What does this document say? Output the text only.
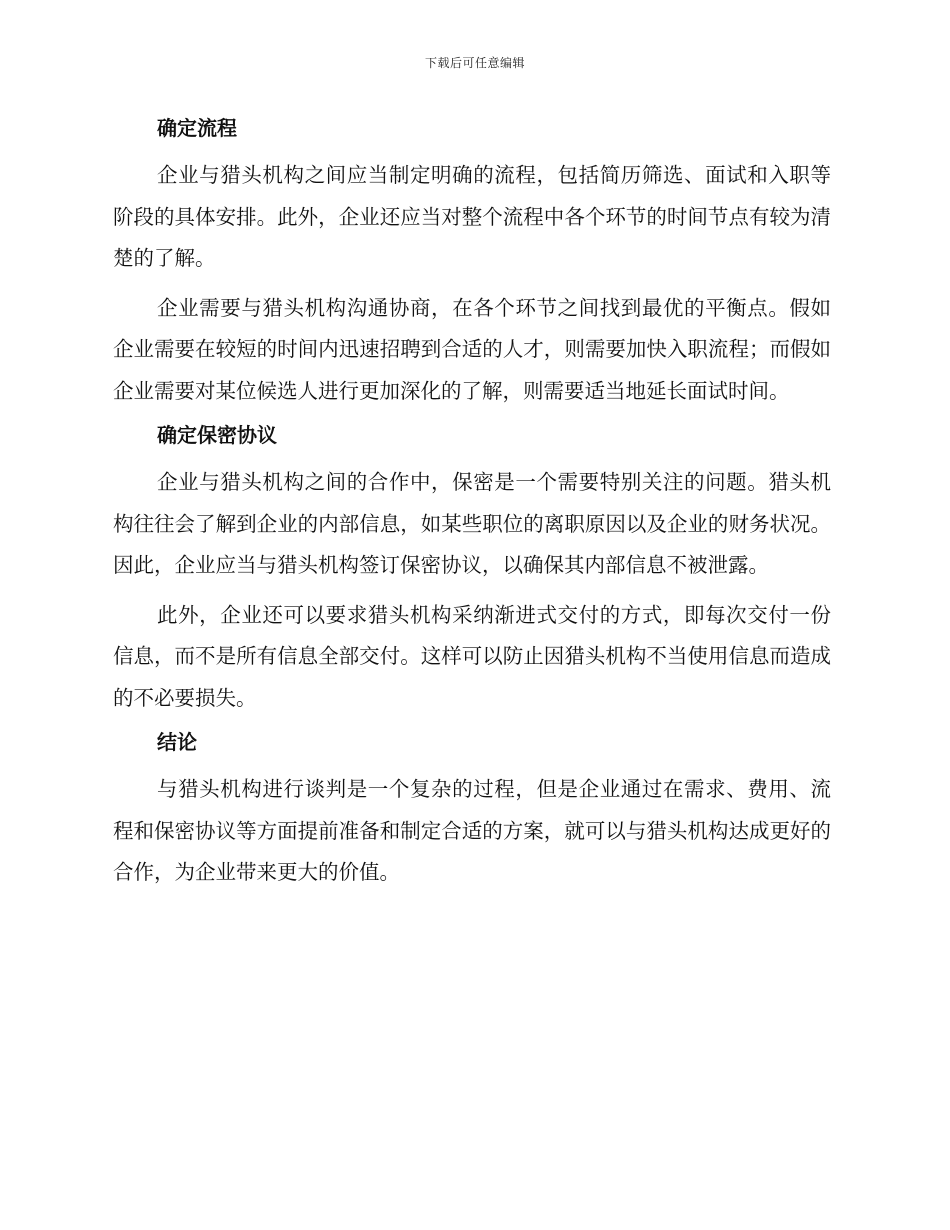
下载后可任意编辑
确定流程

企业与猎头机构之间应当制定明确的流程，包括简历筛选、面试和入职等阶段的具体安排。此外，企业还应当对整个流程中各个环节的时间节点有较为清楚的了解。

企业需要与猎头机构沟通协商，在各个环节之间找到最优的平衡点。假如企业需要在较短的时间内迅速招聘到合适的人才，则需要加快入职流程；而假如企业需要对某位候选人进行更加深化的了解，则需要适当地延长面试时间。

确定保密协议

企业与猎头机构之间的合作中，保密是一个需要特别关注的问题。猎头机构往往会了解到企业的内部信息，如某些职位的离职原因以及企业的财务状况。因此，企业应当与猎头机构签订保密协议，以确保其内部信息不被泄露。

此外，企业还可以要求猎头机构采纳渐进式交付的方式，即每次交付一份信息，而不是所有信息全部交付。这样可以防止因猎头机构不当使用信息而造成的不必要损失。

结论

与猎头机构进行谈判是一个复杂的过程，但是企业通过在需求、费用、流程和保密协议等方面提前准备和制定合适的方案，就可以与猎头机构达成更好的合作，为企业带来更大的价值。
